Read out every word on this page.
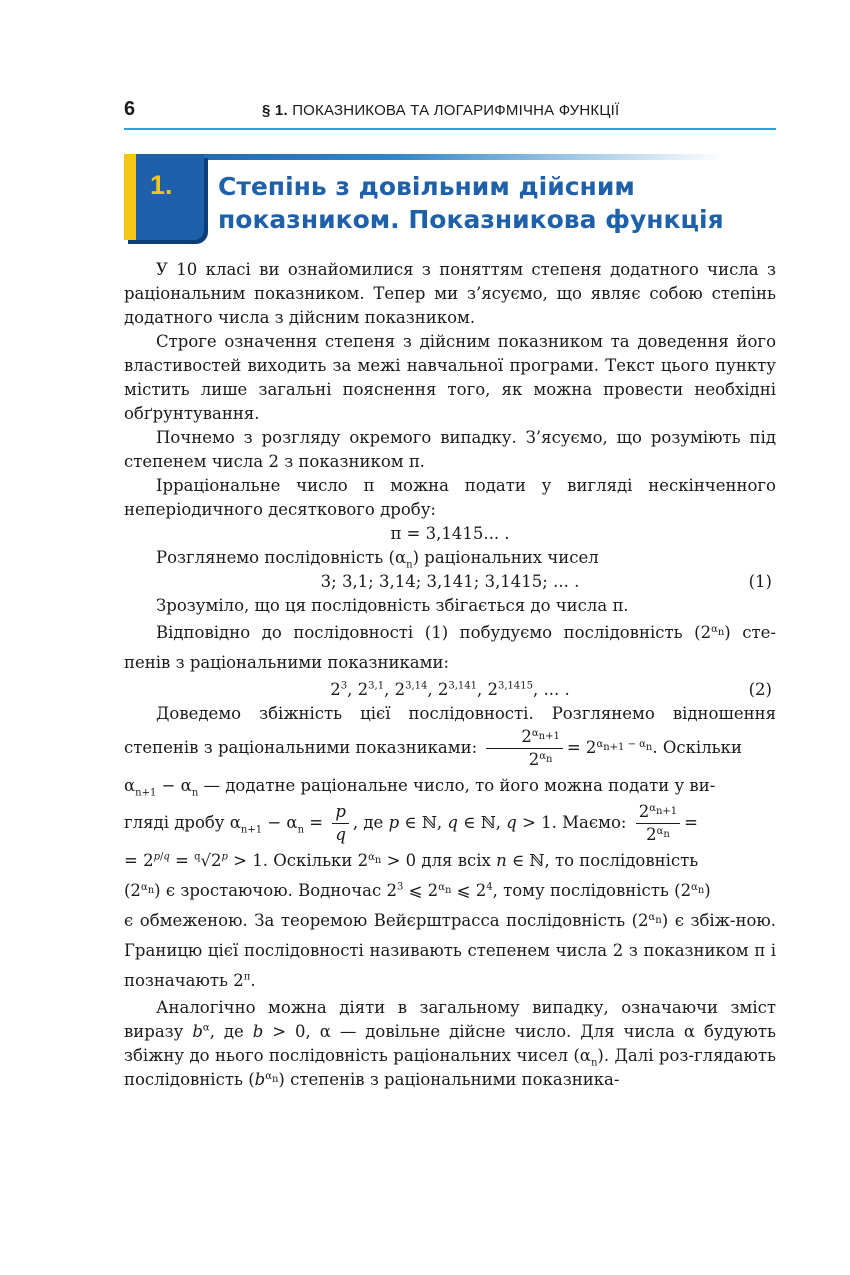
6	§ 1. ПОКАЗНИКОВА ТА ЛОГАРИФМІЧНА ФУНКЦІЇ
1. Степінь з довільним дійсним
показником. Показникова функція

У 10 класі ви ознайомилися з поняттям степеня додатного числа з раціональним показником. Тепер ми з’ясуємо, що являє собою степінь додатного числа з дійсним показником.

Строге означення степеня з дійсним показником та доведення його властивостей виходить за межі навчальної програми. Текст цього пункту містить лише загальні пояснення того, як можна провести необхідні обґрунтування.

Почнемо з розгляду окремого випадку. З’ясуємо, що розуміють під степенем числа 2 з показником π.

Ірраціональне число π можна подати у вигляді нескінченного неперіодичного десяткового дробу:

π = 3,1415... .

Розглянемо послідовність $(\alpha_n)$ раціональних чисел

3; 3,1; 3,14; 3,141; 3,1415; ... .	(1)

Зрозуміло, що ця послідовність збігається до числа π.

Відповідно до послідовності (1) побудуємо послідовність $(2^{\alpha_n})$ сте-пенів з раціональними показниками:

$2^3$, 2$^{3,1}$, 2$^{3,14}$, 2$^{3,141}$, $2^{3,1415}$, ... .	(2)

Доведемо збіжність цієї послідовності. Розглянемо відношення степенів з раціональними показниками: $\frac{2^{\alpha_{n+1}}}{2^{\alpha_n}} = 2^{\alpha_{n+1} - \alpha_n}$. Оскільки

$\alpha_{n+1} - \alpha_n$ — додатне раціональне число, то його можна подати у ви-

гляді дробу $\alpha_{n+1} - \alpha_n = \frac{p}{q}$ , де p ∈ ℕ, q ∈ ℕ, q > 1. Маємо: $\frac{2^{\alpha_{n+1}}}{2^{\alpha_n}}$ =

= $2^{p/q} = ^q√2^p > 1$. Оскільки $2^{\alpha_n} > 0$ для всіх n ∈ ℕ, то послідовність

$(2^{\alpha_n})$ є зростаючою. Водночас $2^3$ ⩽ $2^{\alpha_n}$ ⩽ $2^4$, тому послідовність $(2^{\alpha_n})$

є обмеженою. За теоремою Вейєрштрасса послідовність $(2^{\alpha_n})$ є збіж-ною. Границю цієї послідовності називають степенем числа 2 з показником π і позначають $2^\pi$.

Аналогічно можна діяти в загальному випадку, означаючи зміст виразу $b^\alpha$, де b > 0, α — довільне дійсне число. Для числа α будують збіжну до нього послідовність раціональних чисел $(\alpha_n)$. Далі роз-глядають послідовність $(b^{\alpha_n})$ степенів з раціональними показника-
